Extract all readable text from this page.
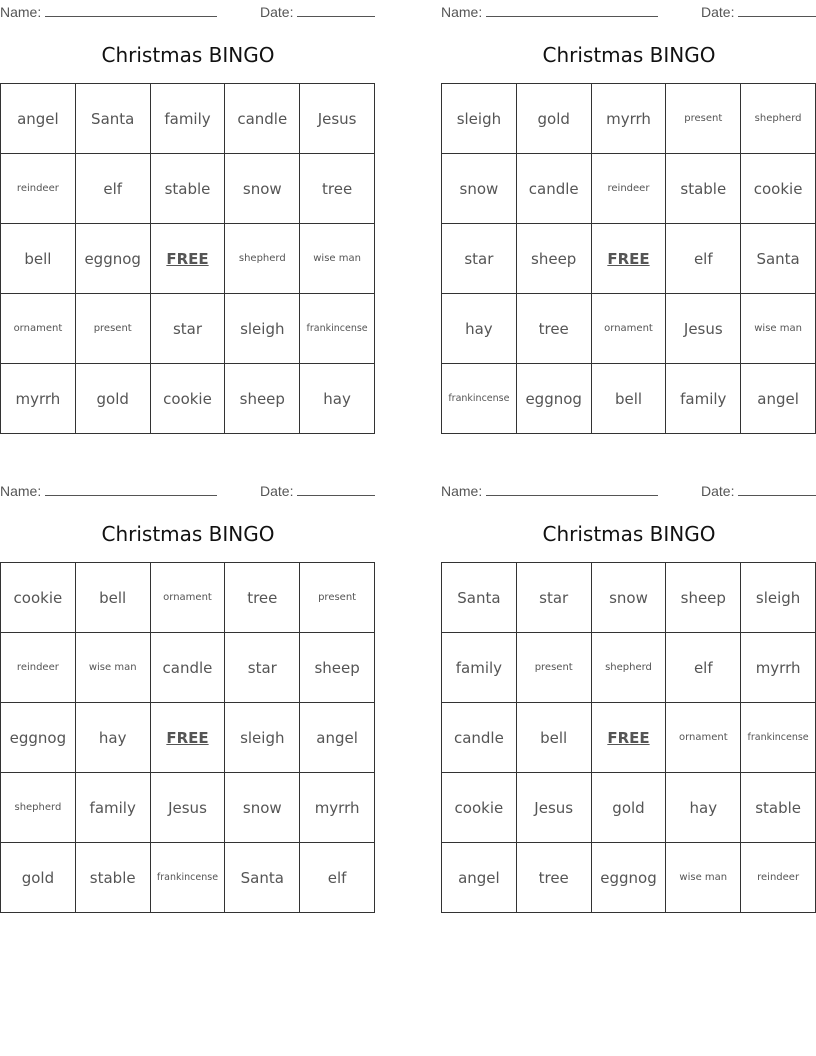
Name:	Date:
Christmas BINGO
angel	Santa	family	candle	Jesus
reindeer	elf	stable	snow	tree
bell	eggnog	FREE	shepherd	wise man
ornament	present	star	sleigh	frankincense
myrrh	gold	cookie	sheep	hay
Name:	Date:
Christmas BINGO
sleigh	gold	myrrh	present	shepherd
snow	candle	reindeer	stable	cookie
star	sheep	FREE	elf	Santa
hay	tree	ornament	Jesus	wise man
frankincense	eggnog	bell	family	angel
Name:	Date:
Christmas BINGO
cookie	bell	ornament	tree	present
reindeer	wise man	candle	star	sheep
eggnog	hay	FREE	sleigh	angel
shepherd	family	Jesus	snow	myrrh
gold	stable	frankincense	Santa	elf
Name:	Date:
Christmas BINGO
Santa	star	snow	sheep	sleigh
family	present	shepherd	elf	myrrh
candle	bell	FREE	ornament	frankincense
cookie	Jesus	gold	hay	stable
angel	tree	eggnog	wise man	reindeer
